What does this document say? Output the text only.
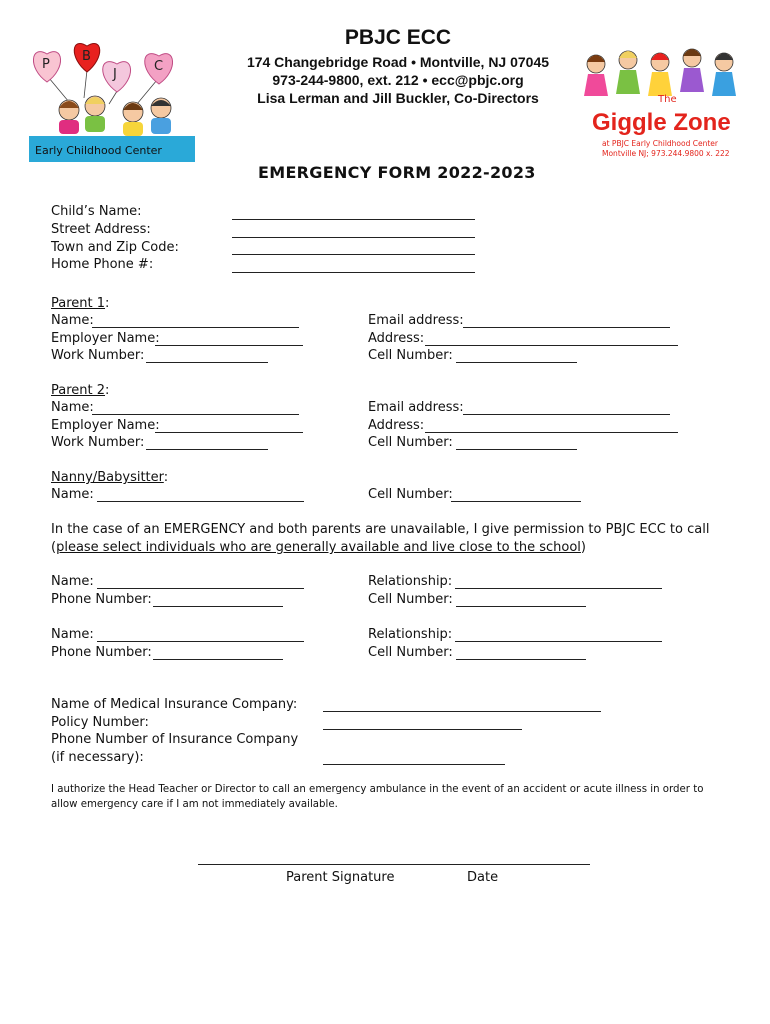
P
B
J
C
Early Childhood Center
The
Giggle Zone
at PBJC Early Childhood Center
Montville NJ; 973.244.9800 x. 222
PBJC ECC
174 Changebridge Road • Montville, NJ 07045
973-244-9800, ext. 212 • ecc@pbjc.org
Lisa Lerman and Jill Buckler, Co-Directors
EMERGENCY FORM 2022-2023
Child’s Name:
Street Address:
Town and Zip Code:
Home Phone #:
Parent 1:
Name:
Employer Name:
Work Number:
Email address:
Address:
Cell Number:
Parent 2:
Name:
Employer Name:
Work Number:
Email address:
Address:
Cell Number:
Nanny/Babysitter:
Name:	Cell Number:
In the case of an EMERGENCY and both parents are unavailable, I give permission to PBJC ECC to call
(please select individuals who are generally available and live close to the school)
Name:
Phone Number:
Relationship:
Cell Number:
Name:
Phone Number:
Relationship:
Cell Number:
Name of Medical Insurance Company:
Policy Number:
Phone Number of Insurance Company
(if necessary):
I authorize the Head Teacher or Director to call an emergency ambulance in the event of an accident or acute illness in order to
allow emergency care if I am not immediately available.
Parent Signature	Date
